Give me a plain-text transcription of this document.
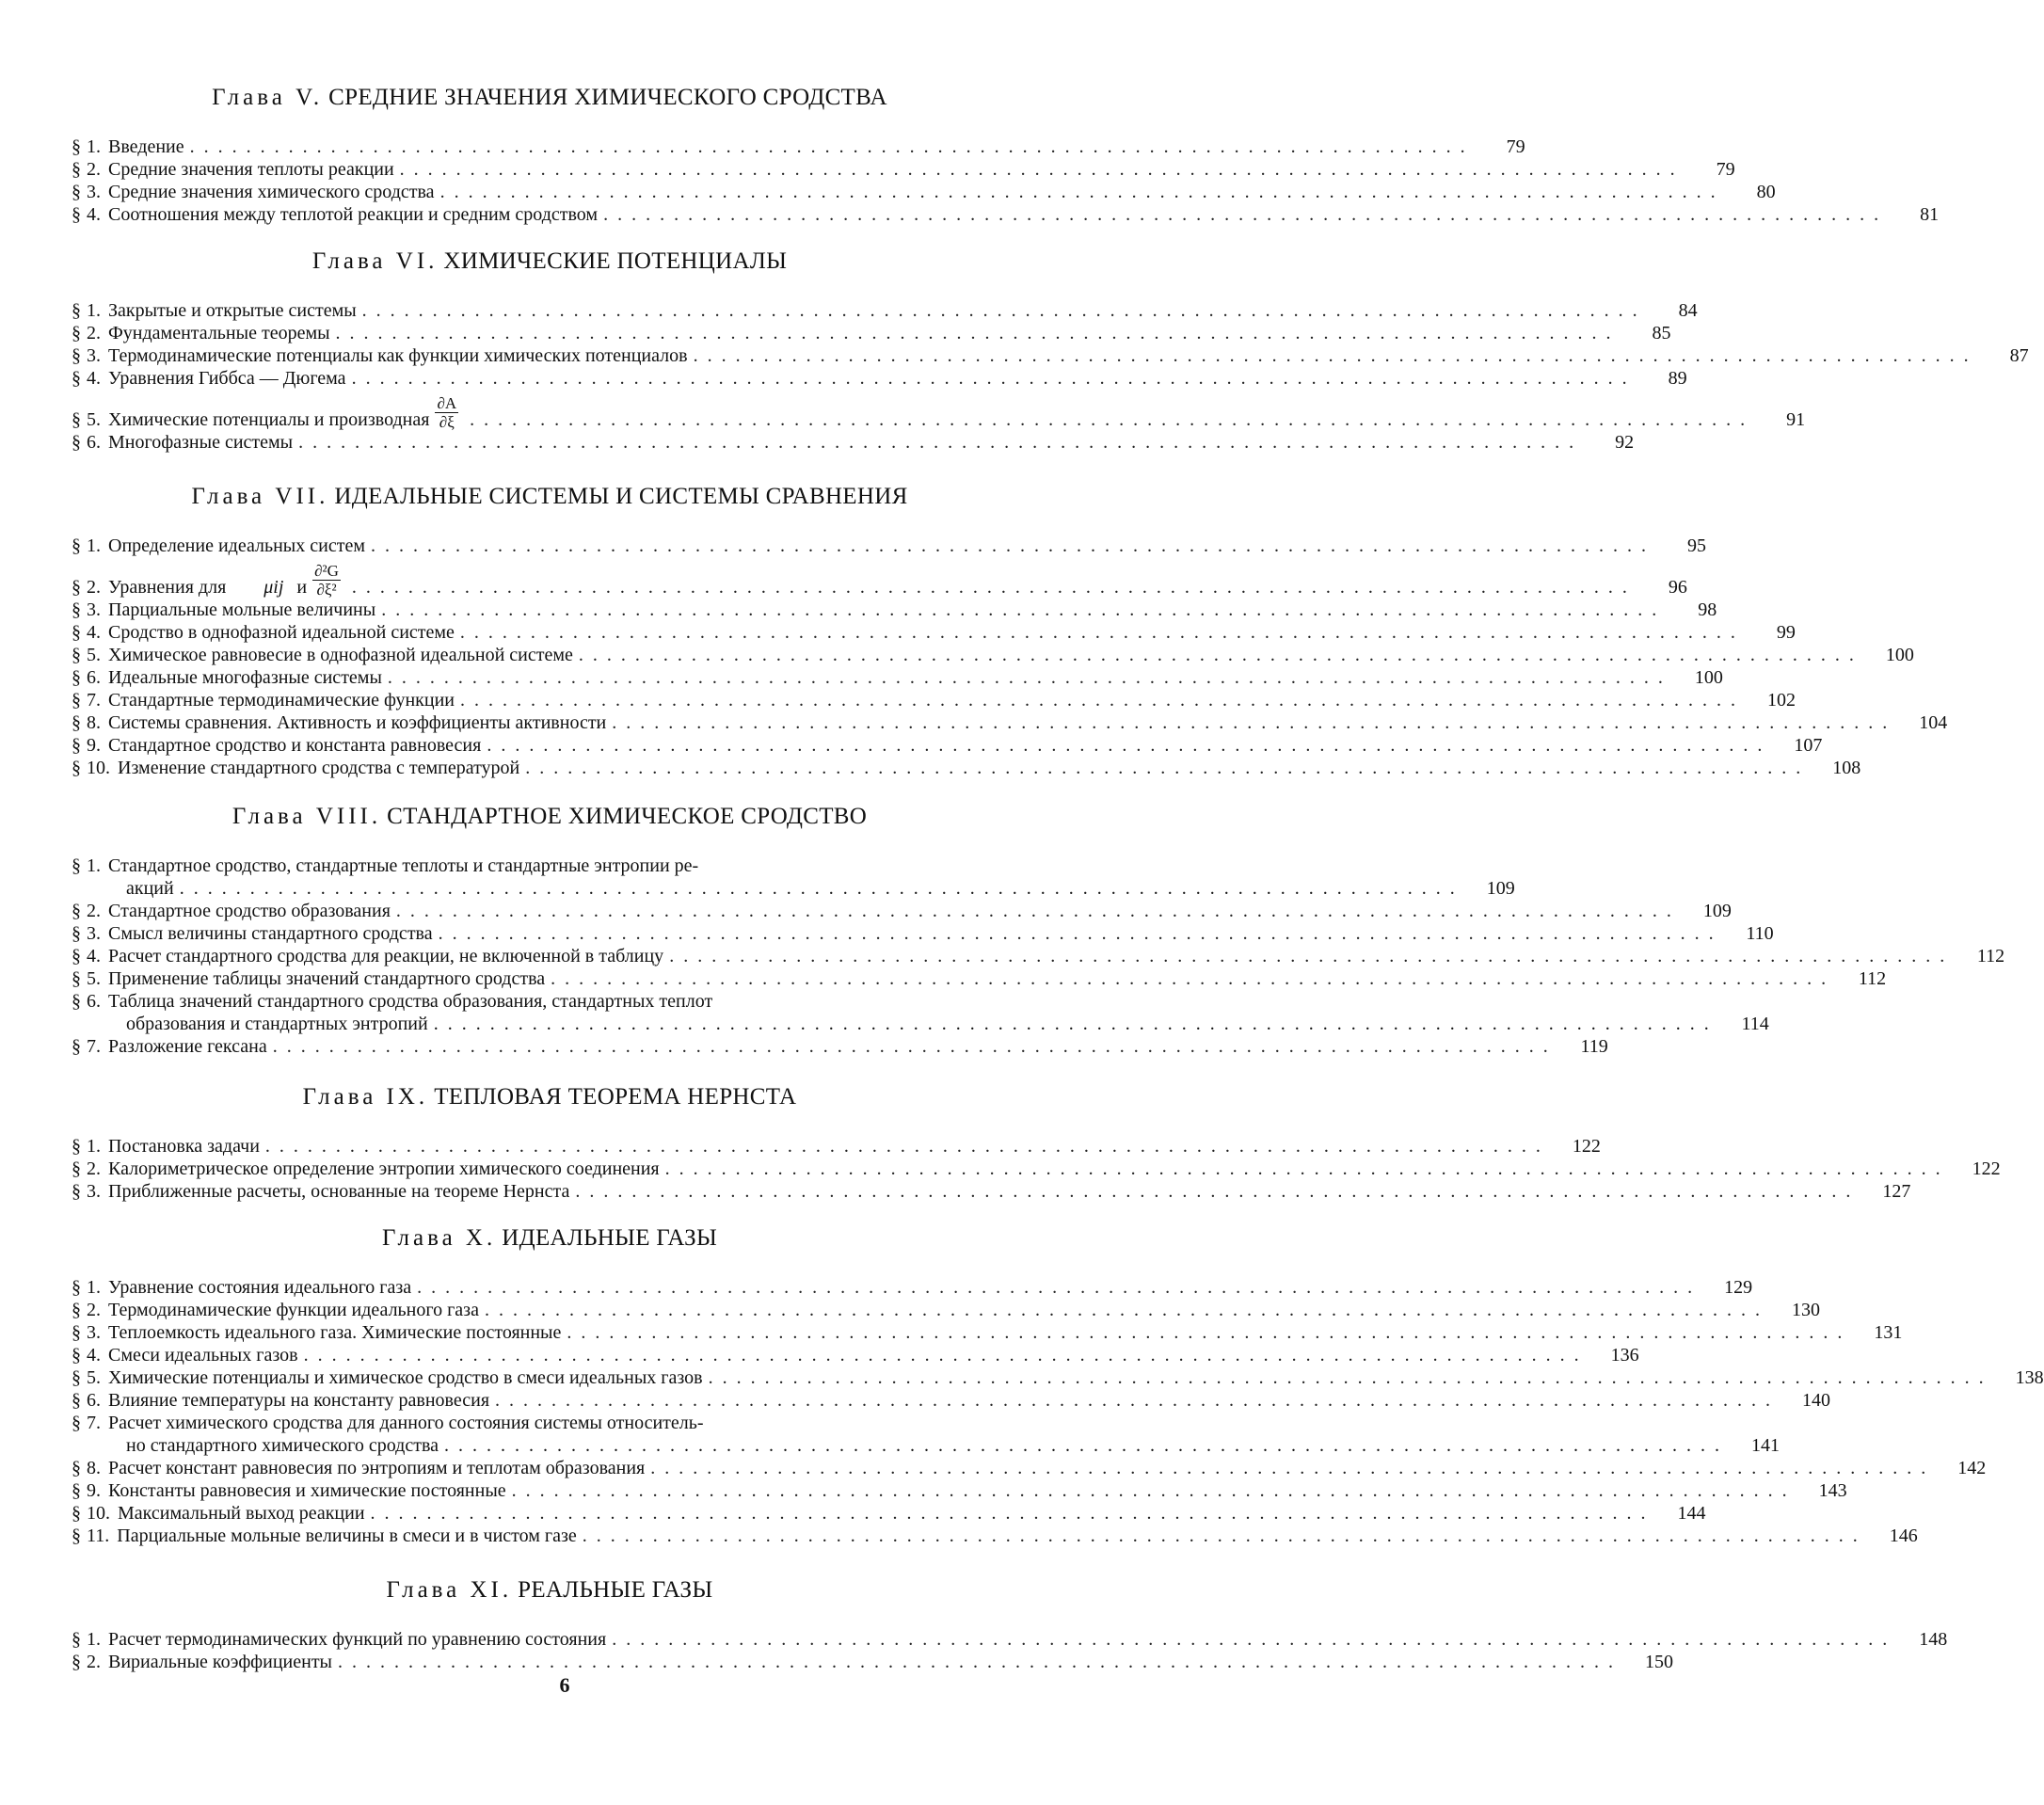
Глава V. СРЕДНИЕ ЗНАЧЕНИЯ ХИМИЧЕСКОГО СРОДСТВА
§ 1. Введение ...........................................................................................	79
§ 2. Средние значения теплоты реакции ...........................................................................................	79
§ 3. Средние значения химического сродства ...........................................................................................	80
§ 4. Соотношения между теплотой реакции и средним сродством ...........................................................................................	81
Глава VI. ХИМИЧЕСКИЕ ПОТЕНЦИАЛЫ
§ 1. Закрытые и открытые системы ...........................................................................................	84
§ 2. Фундаментальные теоремы ...........................................................................................	85
§ 3. Термодинамические потенциалы как функции химических потенциалов ...........................................................................................	87
§ 4. Уравнения Гиббса — Дюгема ...........................................................................................	89
§ 5. Химические потенциалы и производная $\frac{\partial A}{\partial\xi}$ ...........................................................................................	91
§ 6. Многофазные системы ...........................................................................................	92
Глава VII. ИДЕАЛЬНЫЕ СИСТЕМЫ И СИСТЕМЫ СРАВНЕНИЯ
§ 1. Определение идеальных систем ...........................................................................................	95
§ 2. Уравнения для μij и $\frac{\text{∂²G}}{\text{∂ξ²}}$ ...........................................................................................	96
§ 3. Парциальные мольные величины ...........................................................................................	98
§ 4. Сродство в однофазной идеальной системе ...........................................................................................	99
§ 5. Химическое равновесие в однофазной идеальной системе ...........................................................................................	100
§ 6. Идеальные многофазные системы ...........................................................................................	100
§ 7. Стандартные термодинамические функции ...........................................................................................	102
§ 8. Системы сравнения. Активность и коэффициенты активности ...........................................................................................	104
§ 9. Стандартное сродство и константа равновесия ...........................................................................................	107
§ 10. Изменение стандартного сродства с температурой ...........................................................................................	108
Глава VIII. СТАНДАРТНОЕ ХИМИЧЕСКОЕ СРОДСТВО
§ 1. Стандартное сродство, стандартные теплоты и стандартные энтропии ре-
акций ...........................................................................................	109
§ 2. Стандартное сродство образования ...........................................................................................	109
§ 3. Смысл величины стандартного сродства ...........................................................................................	110
§ 4. Расчет стандартного сродства для реакции, не включенной в таблицу ...........................................................................................	112
§ 5. Применение таблицы значений стандартного сродства ...........................................................................................	112
§ 6. Таблица значений стандартного сродства образования, стандартных теплот
образования и стандартных энтропий ...........................................................................................	114
§ 7. Разложение гексана ...........................................................................................	119
Глава IX. ТЕПЛОВАЯ ТЕОРЕМА НЕРНСТА
§ 1. Постановка задачи ...........................................................................................	122
§ 2. Калориметрическое определение энтропии химического соединения ...........................................................................................	122
§ 3. Приближенные расчеты, основанные на теореме Нернста ...........................................................................................	127
Глава X. ИДЕАЛЬНЫЕ ГАЗЫ
§ 1. Уравнение состояния идеального газа ...........................................................................................	129
§ 2. Термодинамические функции идеального газа ...........................................................................................	130
§ 3. Теплоемкость идеального газа. Химические постоянные ...........................................................................................	131
§ 4. Смеси идеальных газов ...........................................................................................	136
§ 5. Химические потенциалы и химическое сродство в смеси идеальных газов ...........................................................................................	138
§ 6. Влияние температуры на константу равновесия ...........................................................................................	140
§ 7. Расчет химического сродства для данного состояния системы относитель-
но стандартного химического сродства ...........................................................................................	141
§ 8. Расчет констант равновесия по энтропиям и теплотам образования ...........................................................................................	142
§ 9. Константы равновесия и химические постоянные ...........................................................................................	143
§ 10. Максимальный выход реакции ...........................................................................................	144
§ 11. Парциальные мольные величины в смеси и в чистом газе ...........................................................................................	146
Глава XI. РЕАЛЬНЫЕ ГАЗЫ
§ 1. Расчет термодинамических функций по уравнению состояния ...........................................................................................	148
§ 2. Вириальные коэффициенты ...........................................................................................	150
6
